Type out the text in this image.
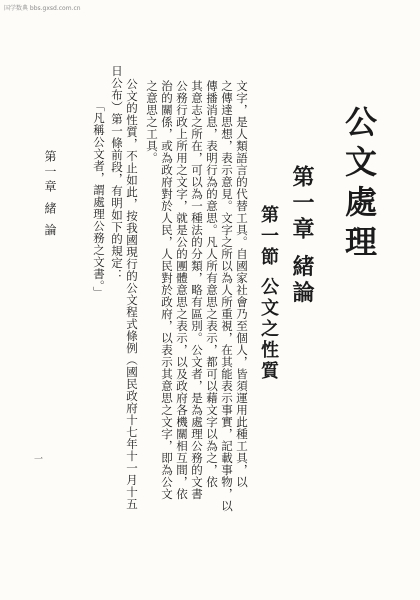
国学数典 bbs.gxsd.com.cn
第一章 緒 論
一
公文處理
第一章 緒論
第一節 公文之性質
文字，是人類語言的代替工具。自國家社會乃至個人，皆須運用此種工具，以
之傳達思想，表示意見。文字之所以為人所重視，在其能表示事實，記載事物，以
傳播消息，表明行為的意思。凡人所有意思之表示，都可以藉文字以為之，依
其意志之所在，可以為一種法的分類，略有區別。公文者，是為處理公務的文書
公務行政上所用之文字，就是公的團體意思之表示，以及政府各機關相互間，依
治的關係，或為政府對於人民，人民對於政府，以表示其意思之文字，即為公文
之意思之工具。
公文的性質，不止如此，按我國現行的公文程式條例（國民政府十七年十一月十五
日公布）第一條前段，有明如下的規定：
「凡稱公文者，謂處理公務之文書。」
